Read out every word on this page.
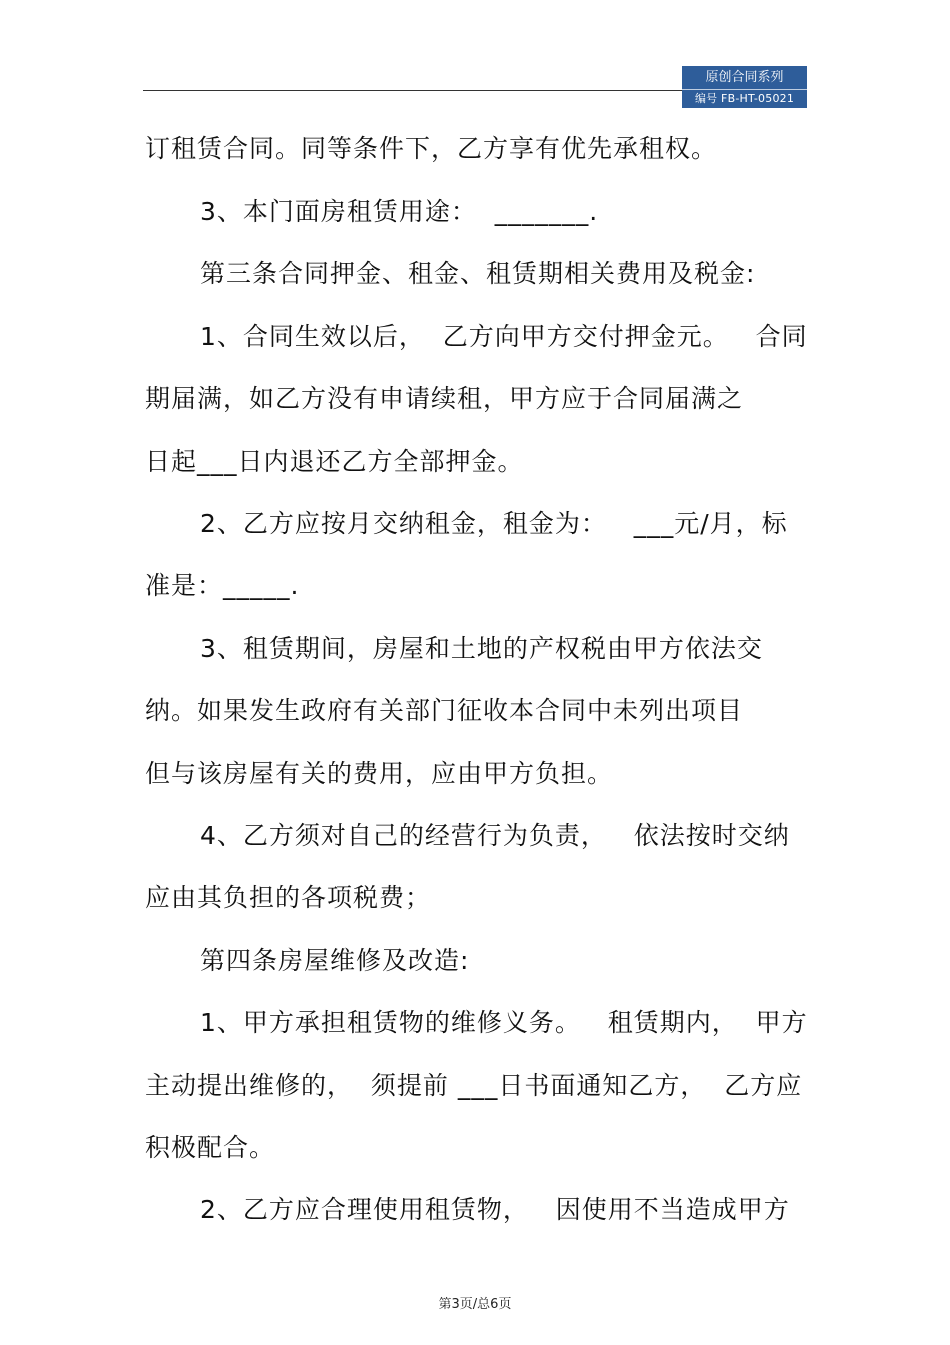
原创合同系列
编号 FB-HT-05021
订租赁合同。同等条件下，乙方享有优先承租权。
3、本门面房租赁用途：  _______.
第三条合同押金、租金、租赁期相关费用及税金:
1、合同生效以后，  乙方向甲方交付押金元。   合同
期届满，如乙方没有申请续租，甲方应于合同届满之
日起___日内退还乙方全部押金。
2、乙方应按月交纳租金，租金为：   ___元/月，标
准是：_____.
3、租赁期间，房屋和土地的产权税由甲方依法交
纳。如果发生政府有关部门征收本合同中未列出项目
但与该房屋有关的费用，应由甲方负担。
4、乙方须对自己的经营行为负责，   依法按时交纳
应由其负担的各项税费；
第四条房屋维修及改造:
1、甲方承担租赁物的维修义务。   租赁期内，  甲方
主动提出维修的，  须提前 ___日书面通知乙方，  乙方应
积极配合。
2、乙方应合理使用租赁物，   因使用不当造成甲方
第3页/总6页
